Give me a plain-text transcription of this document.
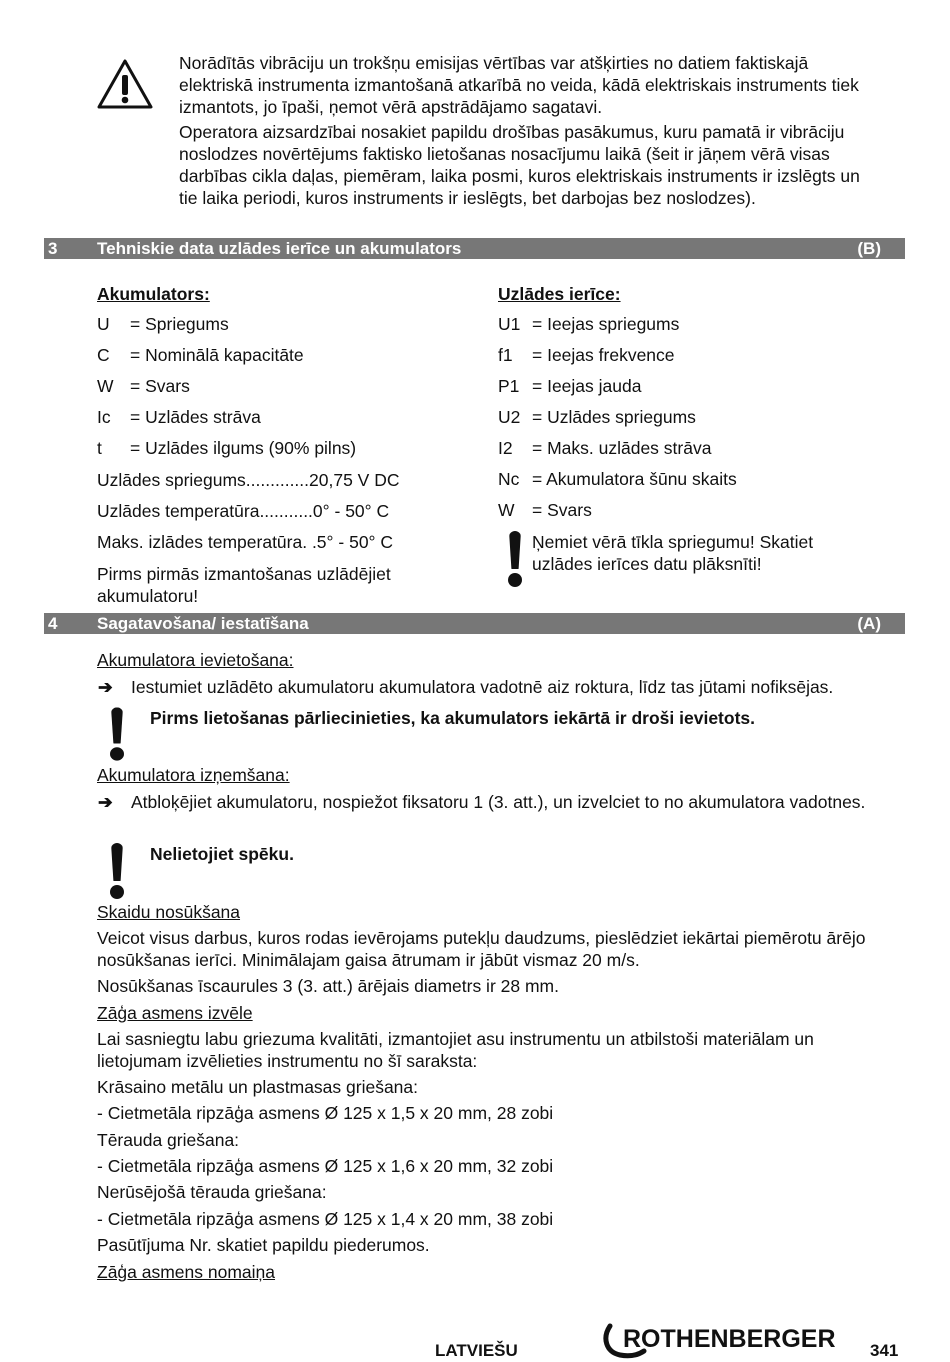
Norādītās vibrāciju un trokšņu emisijas vērtības var atšķirties no datiem faktiskajā elektriskā instrumenta izmantošanā atkarībā no veida, kādā elektriskais instruments tiek izmantots, jo īpaši, ņemot vērā apstrādājamo sagatavi.

Operatora aizsardzībai nosakiet papildu drošības pasākumus, kuru pamatā ir vibrāciju noslodzes novērtējums faktisko lietošanas nosacījumu laikā (šeit ir jāņem vērā visas darbības cikla daļas, piemēram, laika posmi, kuros elektriskais instruments ir izslēgts un tie laika periodi, kuros instruments ir ieslēgts, bet darbojas bez noslodzes).

3 Tehniskie data uzlādes ierīce un akumulators	(B)
Akumulators:
U = Spriegums
C = Nominālā kapacitāte
W = Svars
Ic = Uzlādes strāva
t = Uzlādes ilgums (90% pilns)
Uzlādes spriegums.............20,75 V DC
Uzlādes temperatūra...........0° - 50° C
Maks. izlādes temperatūra. .5° - 50° C
Pirms pirmās izmantošanas uzlādējiet akumulatoru!
Uzlādes ierīce:
U1 = Ieejas spriegums
f1 = Ieejas frekvence
P1 = Ieejas jauda
U2 = Uzlādes spriegums
I2 = Maks. uzlādes strāva
Nc = Akumulatora šūnu skaits
W = Svars
Ņemiet vērā tīkla spriegumu! Skatiet uzlādes ierīces datu plāksnīti!
4 Sagatavošana/ iestatīšana	(A)
Akumulatora ievietošana:
➔ Iestumiet uzlādēto akumulatoru akumulatora vadotnē aiz roktura, līdz tas jūtami nofiksējas.
Pirms lietošanas pārliecinieties, ka akumulators iekārtā ir droši ievietots.
Akumulatora izņemšana:
➔ Atbloķējiet akumulatoru, nospiežot fiksatoru 1 (3. att.), un izvelciet to no akumulatora vadotnes.
Nelietojiet spēku.
Skaidu nosūkšana
Veicot visus darbus, kuros rodas ievērojams putekļu daudzums, pieslēdziet iekārtai piemērotu ārējo nosūkšanas ierīci. Minimālajam gaisa ātrumam ir jābūt vismaz 20 m/s.
Nosūkšanas īscaurules 3 (3. att.) ārējais diametrs ir 28 mm.
Zāģa asmens izvēle
Lai sasniegtu labu griezuma kvalitāti, izmantojiet asu instrumentu un atbilstoši materiālam un lietojumam izvēlieties instrumentu no šī saraksta:
Krāsaino metālu un plastmasas griešana:
- Cietmetāla ripzāģa asmens Ø 125 x 1,5 x 20 mm, 28 zobi
Tērauda griešana:
- Cietmetāla ripzāģa asmens Ø 125 x 1,6 x 20 mm, 32 zobi
Nerūsējošā tērauda griešana:
- Cietmetāla ripzāģa asmens Ø 125 x 1,4 x 20 mm, 38 zobi
Pasūtījuma Nr. skatiet papildu piederumos.
Zāģa asmens nomaiņa
LATVIEŠU	ROTHENBERGER 341
